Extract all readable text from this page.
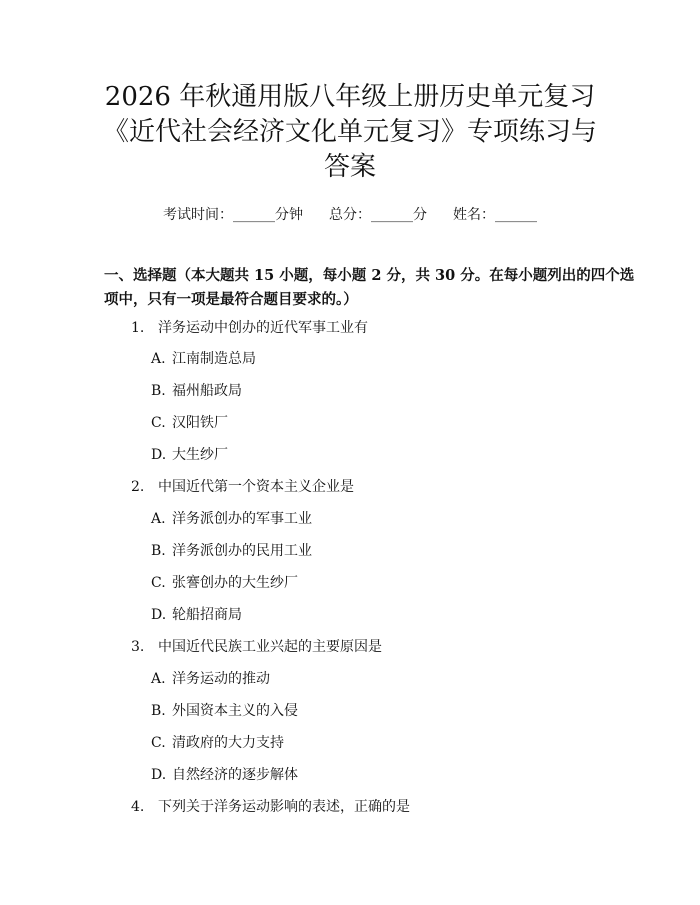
2026 年秋通用版八年级上册历史单元复习
《近代社会经济文化单元复习》专项练习与
答案
考试时间：______分钟 总分：______分 姓名：______
一、选择题（本大题共 15 小题，每小题 2 分，共 30 分。在每小题列出的四个选
项中，只有一项是最符合题目要求的。）
1. 洋务运动中创办的近代军事工业有
A. 江南制造总局
B. 福州船政局
C. 汉阳铁厂
D. 大生纱厂
2. 中国近代第一个资本主义企业是
A. 洋务派创办的军事工业
B. 洋务派创办的民用工业
C. 张謇创办的大生纱厂
D. 轮船招商局
3. 中国近代民族工业兴起的主要原因是
A. 洋务运动的推动
B. 外国资本主义的入侵
C. 清政府的大力支持
D. 自然经济的逐步解体
4. 下列关于洋务运动影响的表述，正确的是
